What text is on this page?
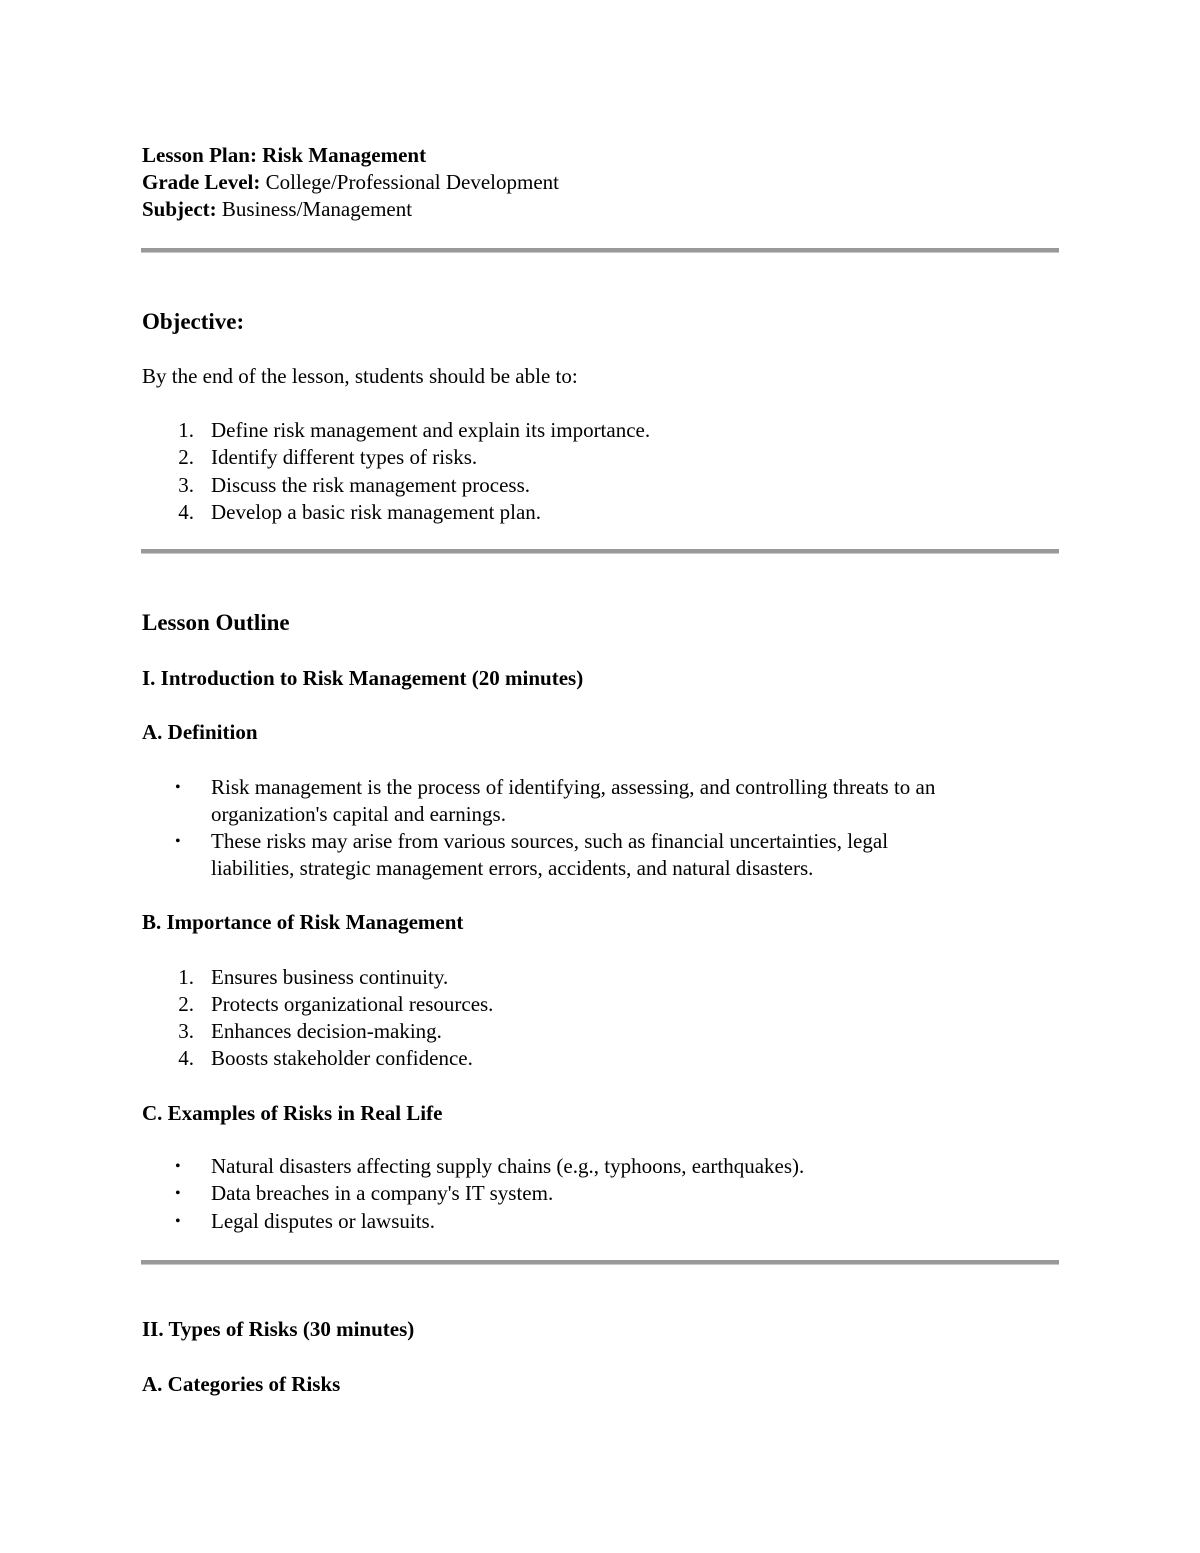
Lesson Plan: Risk Management

Grade Level: College/Professional Development

Subject: Business/Management

Objective:

By the end of the lesson, students should be able to:

1. Define risk management and explain its importance.
2. Identify different types of risks.
3. Discuss the risk management process.
4. Develop a basic risk management plan.

Lesson Outline

I. Introduction to Risk Management (20 minutes)

A. Definition

• Risk management is the process of identifying, assessing, and controlling threats to an

organization's capital and earnings.

• These risks may arise from various sources, such as financial uncertainties, legal

liabilities, strategic management errors, accidents, and natural disasters.

B. Importance of Risk Management

1. Ensures business continuity.
2. Protects organizational resources.
3. Enhances decision-making.
4. Boosts stakeholder confidence.

C. Examples of Risks in Real Life

• Natural disasters affecting supply chains (e.g., typhoons, earthquakes).
• Data breaches in a company's IT system.
• Legal disputes or lawsuits.

II. Types of Risks (30 minutes)

A. Categories of Risks
